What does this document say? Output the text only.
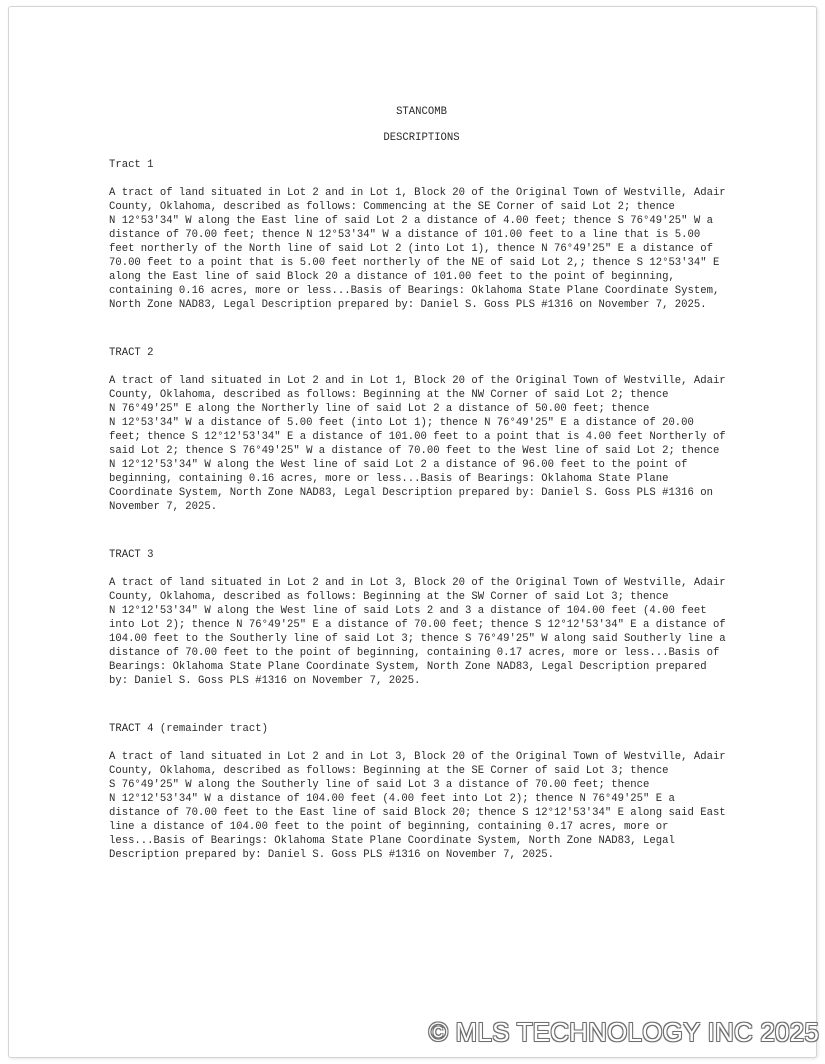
STANCOMB
DESCRIPTIONS
Tract 1
A tract of land situated in Lot 2 and in Lot 1, Block 20 of the Original Town of Westville, Adair
County, Oklahoma, described as follows: Commencing at the SE Corner of said Lot 2; thence
N 12°53'34" W along the East line of said Lot 2 a distance of 4.00 feet; thence S 76°49'25" W a
distance of 70.00 feet; thence N 12°53'34" W a distance of 101.00 feet to a line that is 5.00
feet northerly of the North line of said Lot 2 (into Lot 1), thence N 76°49'25" E a distance of
70.00 feet to a point that is 5.00 feet northerly of the NE of said Lot 2,; thence S 12°53'34" E
along the East line of said Block 20 a distance of 101.00 feet to the point of beginning,
containing 0.16 acres, more or less...Basis of Bearings: Oklahoma State Plane Coordinate System,
North Zone NAD83, Legal Description prepared by: Daniel S. Goss PLS #1316 on November 7, 2025.
TRACT 2
A tract of land situated in Lot 2 and in Lot 1, Block 20 of the Original Town of Westville, Adair
County, Oklahoma, described as follows: Beginning at the NW Corner of said Lot 2; thence
N 76°49'25" E along the Northerly line of said Lot 2 a distance of 50.00 feet; thence
N 12°53'34" W a distance of 5.00 feet (into Lot 1); thence N 76°49'25" E a distance of 20.00
feet; thence S 12°12'53'34" E a distance of 101.00 feet to a point that is 4.00 feet Northerly of
said Lot 2; thence S 76°49'25" W a distance of 70.00 feet to the West line of said Lot 2; thence
N 12°12'53'34" W along the West line of said Lot 2 a distance of 96.00 feet to the point of
beginning, containing 0.16 acres, more or less...Basis of Bearings: Oklahoma State Plane
Coordinate System, North Zone NAD83, Legal Description prepared by: Daniel S. Goss PLS #1316 on
November 7, 2025.
TRACT 3
A tract of land situated in Lot 2 and in Lot 3, Block 20 of the Original Town of Westville, Adair
County, Oklahoma, described as follows: Beginning at the SW Corner of said Lot 3; thence
N 12°12'53'34" W along the West line of said Lots 2 and 3 a distance of 104.00 feet (4.00 feet
into Lot 2); thence N 76°49'25" E a distance of 70.00 feet; thence S 12°12'53'34" E a distance of
104.00 feet to the Southerly line of said Lot 3; thence S 76°49'25" W along said Southerly line a
distance of 70.00 feet to the point of beginning, containing 0.17 acres, more or less...Basis of
Bearings: Oklahoma State Plane Coordinate System, North Zone NAD83, Legal Description prepared
by: Daniel S. Goss PLS #1316 on November 7, 2025.
TRACT 4 (remainder tract)
A tract of land situated in Lot 2 and in Lot 3, Block 20 of the Original Town of Westville, Adair
County, Oklahoma, described as follows: Beginning at the SE Corner of said Lot 3; thence
S 76°49'25" W along the Southerly line of said Lot 3 a distance of 70.00 feet; thence
N 12°12'53'34" W a distance of 104.00 feet (4.00 feet into Lot 2); thence N 76°49'25" E a
distance of 70.00 feet to the East line of said Block 20; thence S 12°12'53'34" E along said East
line a distance of 104.00 feet to the point of beginning, containing 0.17 acres, more or
less...Basis of Bearings: Oklahoma State Plane Coordinate System, North Zone NAD83, Legal
Description prepared by: Daniel S. Goss PLS #1316 on November 7, 2025.
© MLS TECHNOLOGY INC 2025
